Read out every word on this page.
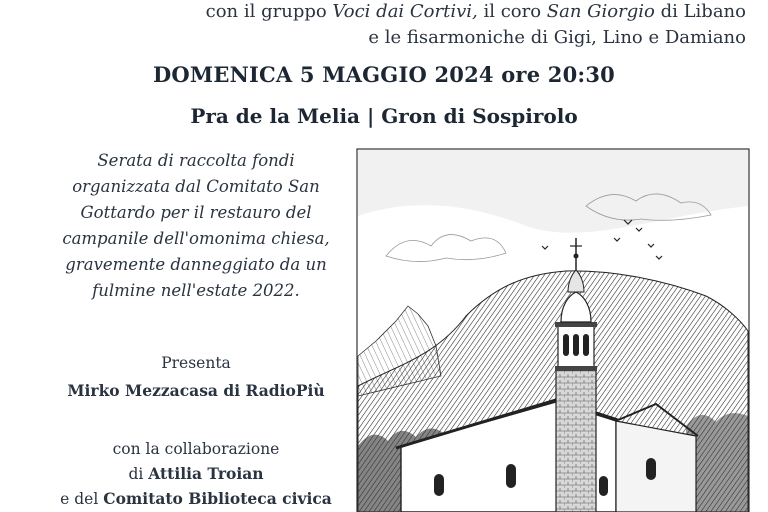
con il gruppo Voci dai Cortivi, il coro San Giorgio di Libano
e le fisarmoniche di Gigi, Lino e Damiano
DOMENICA 5 MAGGIO 2024 ore 20:30
Pra de la Melia | Gron di Sospirolo
Serata di raccolta fondi
organizzata dal Comitato San
Gottardo per il restauro del
campanile dell'omonima chiesa,
gravemente danneggiato da un
fulmine nell'estate 2022.
Presenta
Mirko Mezzacasa di RadioPiù
con la collaborazione
di Attilia Troian
e del Comitato Biblioteca civica
